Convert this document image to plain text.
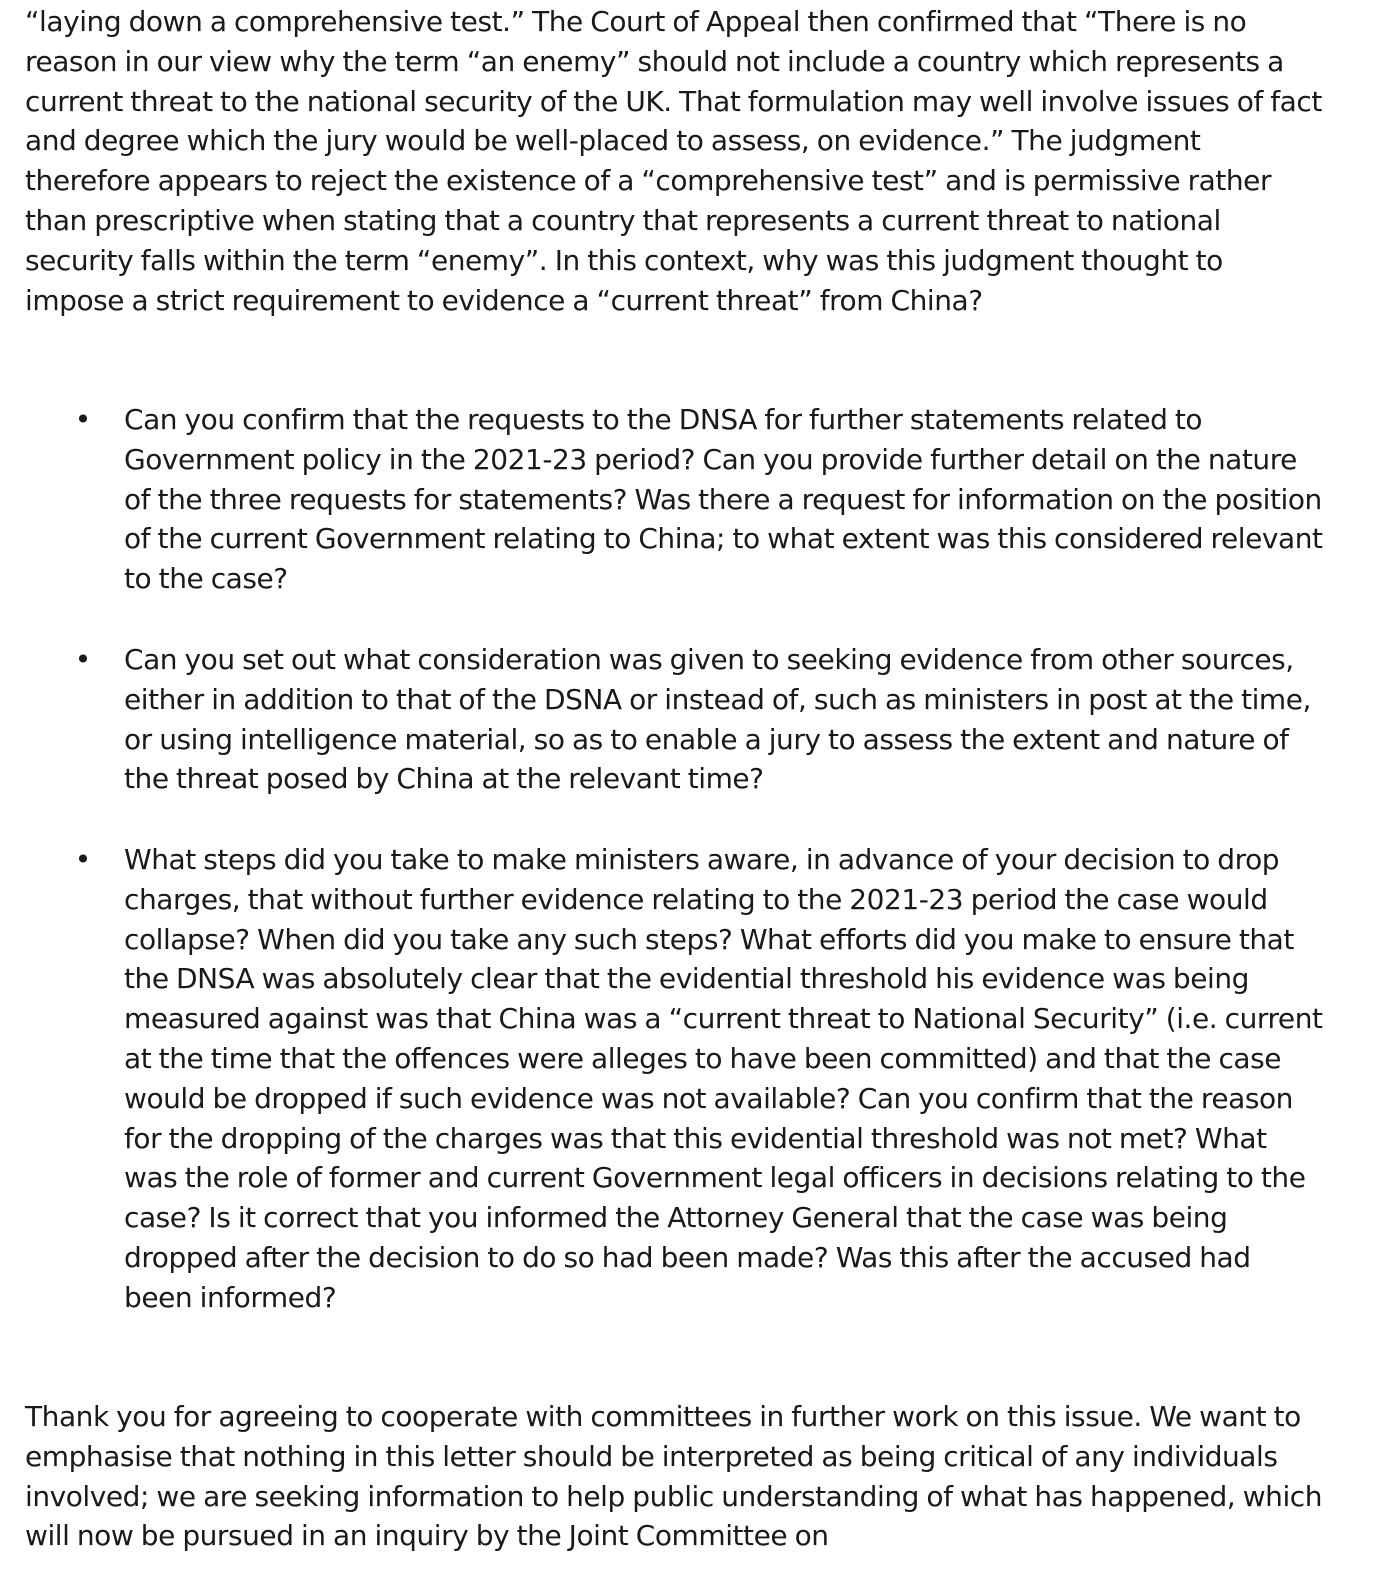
“laying down a comprehensive test.” The Court of Appeal then confirmed that “There is no reason in our view why the term “an enemy” should not include a country which represents a current threat to the national security of the UK. That formulation may well involve issues of fact and degree which the jury would be well-placed to assess, on evidence.” The judgment therefore appears to reject the existence of a “comprehensive test” and is permissive rather than prescriptive when stating that a country that represents a current threat to national security falls within the term “enemy”. In this context, why was this judgment thought to impose a strict requirement to evidence a “current threat” from China?

• Can you confirm that the requests to the DNSA for further statements related to Government policy in the 2021-23 period? Can you provide further detail on the nature of the three requests for statements? Was there a request for information on the position of the current Government relating to China; to what extent was this considered relevant to the case?

• Can you set out what consideration was given to seeking evidence from other sources, either in addition to that of the DSNA or instead of, such as ministers in post at the time, or using intelligence material, so as to enable a jury to assess the extent and nature of the threat posed by China at the relevant time?

• What steps did you take to make ministers aware, in advance of your decision to drop charges, that without further evidence relating to the 2021-23 period the case would collapse? When did you take any such steps? What efforts did you make to ensure that the DNSA was absolutely clear that the evidential threshold his evidence was being measured against was that China was a “current threat to National Security” (i.e. current at the time that the offences were alleges to have been committed) and that the case would be dropped if such evidence was not available? Can you confirm that the reason for the dropping of the charges was that this evidential threshold was not met? What was the role of former and current Government legal officers in decisions relating to the case? Is it correct that you informed the Attorney General that the case was being dropped after the decision to do so had been made? Was this after the accused had been informed?

Thank you for agreeing to cooperate with committees in further work on this issue. We want to emphasise that nothing in this letter should be interpreted as being critical of any individuals involved; we are seeking information to help public understanding of what has happened, which will now be pursued in an inquiry by the Joint Committee on
